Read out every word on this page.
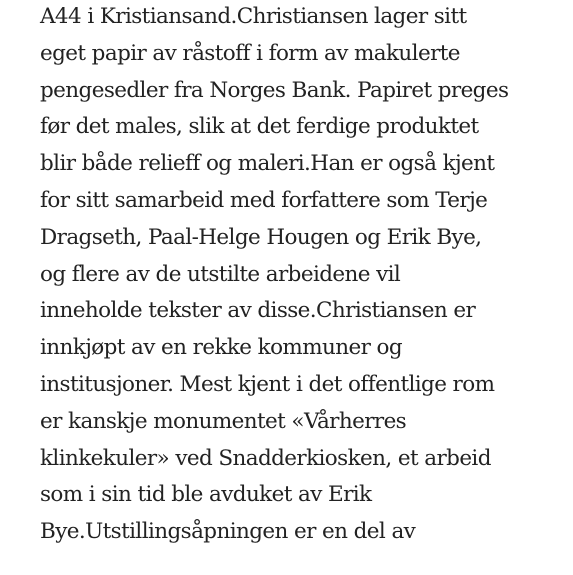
A44 i Kristiansand.Christiansen lager sitt
eget papir av råstoff i form av makulerte
pengesedler fra Norges Bank. Papiret preges
før det males, slik at det ferdige produktet
blir både relieff og maleri.Han er også kjent
for sitt samarbeid med forfattere som Terje
Dragseth, Paal-Helge Hougen og Erik Bye,
og flere av de utstilte arbeidene vil
inneholde tekster av disse.Christiansen er
innkjøpt av en rekke kommuner og
institusjoner. Mest kjent i det offentlige rom
er kanskje monumentet «Vårherres
klinkekuler» ved Snadderkiosken, et arbeid
som i sin tid ble avduket av Erik
Bye.Utstillingsåpningen er en del av
